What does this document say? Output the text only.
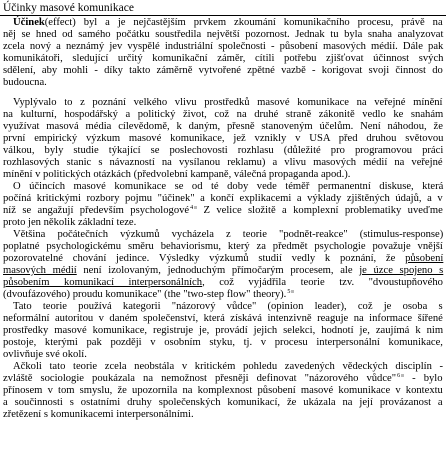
Účinky masové komunikace
Účinek(effect) byl a je nejčastějším prvkem zkoumání komunikačního procesu, právě na
něj se hned od samého počátku soustředila největší pozornost. Jednak tu byla snaha analyzovat
zcela nový a neznámý jev vyspělé industriální společnosti - působení masových médií. Dále pak
komunikátoři, sledující určitý komunikační záměr, cítili potřebu zjišťovat účinnost svých
sdělení, aby mohli - díky takto záměrně vytvořené zpětné vazbě - korigovat svoji činnost do
budoucna.
Vyplývalo to z poznání velkého vlivu prostředků masové komunikace na veřejné mínění
na kulturní, hospodářský a politický život, což na druhé straně zákonitě vedlo ke snahám
využívat masová média cílevědomě, k daným, přesně stanoveným účelům. Není náhodou, že
první empirický výzkum masové komunikace, jež vznikly v USA před druhou světovou
válkou, byly studie týkající se poslechovosti rozhlasu (důležité pro programovou práci
rozhlasových stanic s návazností na vysílanou reklamu) a vlivu masových médií na veřejné
mínění v politických otázkách (předvolební kampaně, válečná propaganda apod.).
O účincích masové komunikace se od té doby vede téměř permanentní diskuse, která
počíná kritickými rozbory pojmu "účinek" a končí explikacemi a výklady zjištěných údajů, a v
níž se angažují především psychologové4 Z velice složitě a komplexní problematiky uveďme
proto jen několik základní teze.
Většina počátečních výzkumů vycházela z teorie "podnět-reakce" (stimulus-response)
poplatné psychologickému směru behaviorismu, který za předmět psychologie považuje vnější
pozorovatelné chování jedince. Výsledky výzkumů studií vedly k poznání, že působení
masových médií není izolovaným, jednoduchým přímočarým procesem, ale je úzce spojeno s
působením komunikací interpersonálních, což vyjádřila teorie tzv. "dvoustupňového
(dvoufázového) proudu komunikace" (the "two-step flow" theory).5
Tato teorie používá kategorii "názorový vůdce" (opinion leader), což je osoba s
neformální autoritou v daném společenství, která získává intenzivně reaguje na informace šířené
prostředky masové komunikace, registruje je, provádí jejich selekci, hodnotí je, zaujímá k nim
postoje, kterými pak později v osobním styku, tj. v procesu interpersonální komunikace,
ovlivňuje své okolí.
Ačkoli tato teorie zcela neobstála v kritickém pohledu zavedených vědeckých disciplín -
zvláště sociologie poukázala na nemožnost přesněji definovat "názorového vůdce"6 - bylo
přínosem v tom smyslu, že upozornila na komplexnost působení masové komunikace v kontextu
a součinnosti s ostatními druhy společenských komunikací, že ukázala na její provázanost a
zřetězení s komunikacemi interpersonálními.
